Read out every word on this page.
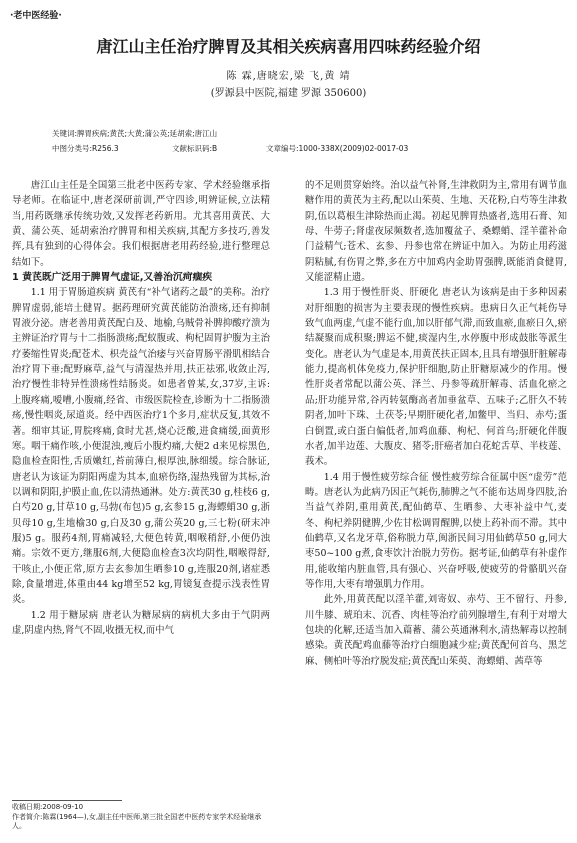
·老中医经验·
唐江山主任治疗脾胃及其相关疾病喜用四味药经验介绍
陈 霖,唐晓宏,梁 飞,黄 靖
(罗源县中医院,福建 罗源 350600)
关键词:脾胃疾病;黄芪;大黄;蒲公英;延胡索;唐江山
中图分类号:R256.3	文献标识码:B	文章编号:1000-338X(2009)02-0017-03

唐江山主任是全国第三批老中医药专家、学术经验继承指导老师。在临证中,唐老深研前训,严守四诊,明辨证候,立法精当,用药既继承传统功效,又发挥老药新用。尤其喜用黄芪、大黄、蒲公英、延胡索治疗脾胃和相关疾病,其配方多技巧,善发挥,具有独到的心得体会。我们根据唐老用药经验,进行整理总结如下。

1 黄芪既广泛用于脾胃气虚证,又善治沉疴痼疾

1.1 用于胃肠道疾病 黄芪有“补气诸药之最”的美称。治疗脾胃虚弱,能培土健胃。据药理研究黄芪能防治溃疡,还有抑制胃液分泌。唐老善用黄芪配白及、地榆,乌贼骨补脾抑酸疗溃为主辨证治疗胃与十二指肠溃疡;配蚁腹或、枸杞固胃护腹为主治疗萎缩性胃炎;配苍术、枳壳益气治痿与兴奋胃肠平滑肌相结合治疗胃下垂;配野麻草,益气与清湿热并用,扶正祛邪,收敛止泻,治疗慢性非特异性溃疡性结肠炎。如患者曾某,女,37岁,主诉:上腹疼痛,嗳嘈,小腹痛,经省、市级医院检查,诊断为十二指肠溃疡,慢性咽炎,尿道炎。经中西医治疗1个多月,症状反复,其效不著。细审其证,胃脘疼痛,食时尤甚,烧心泛酸,进食痛缓,面黄形寒。咽干痛作咳,小便混浊,瘦后小腹灼痛,大便2 d来见棕黑色,隐血检查阳性,舌质嫩红,苔前薄白,根厚浊,脉细缓。综合脉证,唐老认为该证为阴阳两虚为其本,血瘀伤络,湿热残留为其标,治以调和阴阳,护膜止血,佐以清热通淋。处方:黄芪30 g,桂枝6 g,白芍20 g,甘草10 g,马勃(布包)5 g,玄参15 g,海螵蛸30 g,浙贝母10 g,生地榆30 g,白及30 g,蒲公英20 g,三七粉(研末冲服)5 g。服药4剂,胃痛减轻,大便色转黄,咽喉稍舒,小便仍浊痛。宗效不更方,继服6剂,大便隐血检查3次均阴性,咽喉得舒,干咳止,小便正常,原方去玄参加生晒参10 g,连服20剂,诸症悉除,食量增进,体重由44 kg增至52 kg,胃镜复查提示浅表性胃炎。

1.2 用于糖尿病 唐老认为糖尿病的病机大多由于气阴两虚,阴虚内热,肾气不固,收摄无权,而中气

的不足则贯穿始终。治以益气补肾,生津救阴为主,常用有调节血糖作用的黄芪为主药,配以山茱萸、生地、天花粉,白芍等生津救阴,伍以葛根生津除热而止渴。初起见脾胃热盛者,选用石膏、知母、牛蒡子;肾虚夜尿频数者,选加覆盆子、桑螵蛸、淫羊藿补命门益精气;苍术、玄参、丹参也常在辨证中加入。为防止用药滋阴粘腻,有伤胃之弊,多在方中加鸡内金助胃强脾,既能消食健胃,又能涩精止遗。

1.3 用于慢性肝炎、肝硬化 唐老认为该病是由于多种因素对肝细胞的损害为主要表现的慢性疾病。患病日久正气耗伤导致气血两虚,气虚不能行血,加以肝郁气滞,而致血瘀,血瘀日久,瘀结凝聚而成积聚;脾运不健,痰湿内生,水停腹中形成鼓胀等派生变化。唐老认为气虚是本,用黄芪扶正固本,且具有增强肝脏解毒能力,提高机体免疫力,保护肝细胞,防止肝糖原减少的作用。慢性肝炎者常配以蒲公英、泽兰、丹参等疏肝解毒、活血化瘀之品;肝功能异常,谷丙转氨酶高者加垂盆草、五味子;乙肝久不转阴者,加叶下珠、土茯苓;早期肝硬化者,加鳖甲、当归、赤芍;蛋白倒置,或白蛋白偏低者,加鸡血藤、枸杞、何首乌;肝硬化伴腹水者,加半边莲、大腹皮、猪苓;肝癌者加白花蛇舌草、半枝莲、莪术。

1.4 用于慢性疲劳综合征 慢性疲劳综合征属中医“虚劳”范畴。唐老认为此病乃因正气耗伤,肺脾之气不能布达周身四肢,治当益气养阴,重用黄芪,配仙鹤草、生晒参、大枣补益中气,麦冬、枸杞养阴健脾,少佐甘松调胃醒脾,以使上药补而不滞。其中仙鹤草,又名龙牙草,俗称脱力草,闽浙民间习用仙鹤草50 g,同大枣50~100 g煮,食枣饮汁治脱力劳伤。据考证,仙鹤草有补虚作用,能收缩内脏血管,具有强心、兴奋呼吸,使疲劳的骨骼肌兴奋等作用,大枣有增强肌力作用。

此外,用黄芪配以淫羊藿,刘寄奴、赤芍、王不留行、丹参,川牛膝、琥珀末、沉香、肉桂等治疗前列腺增生,有利于对增大包块的化解,还适当加入萹蓄、蒲公英通淋利水,清热解毒以控制感染。黄芪配鸡血藤等治疗白细胞减少症;黄芪配何首乌、黑芝麻、侧柏叶等治疗脱发症;黄芪配山茱萸、海螵蛸、茜草等

收稿日期:2008-09-10
作者简介:陈霖(1964—),女,副主任中医师,第三批全国老中医药专家学术经验继承人。
